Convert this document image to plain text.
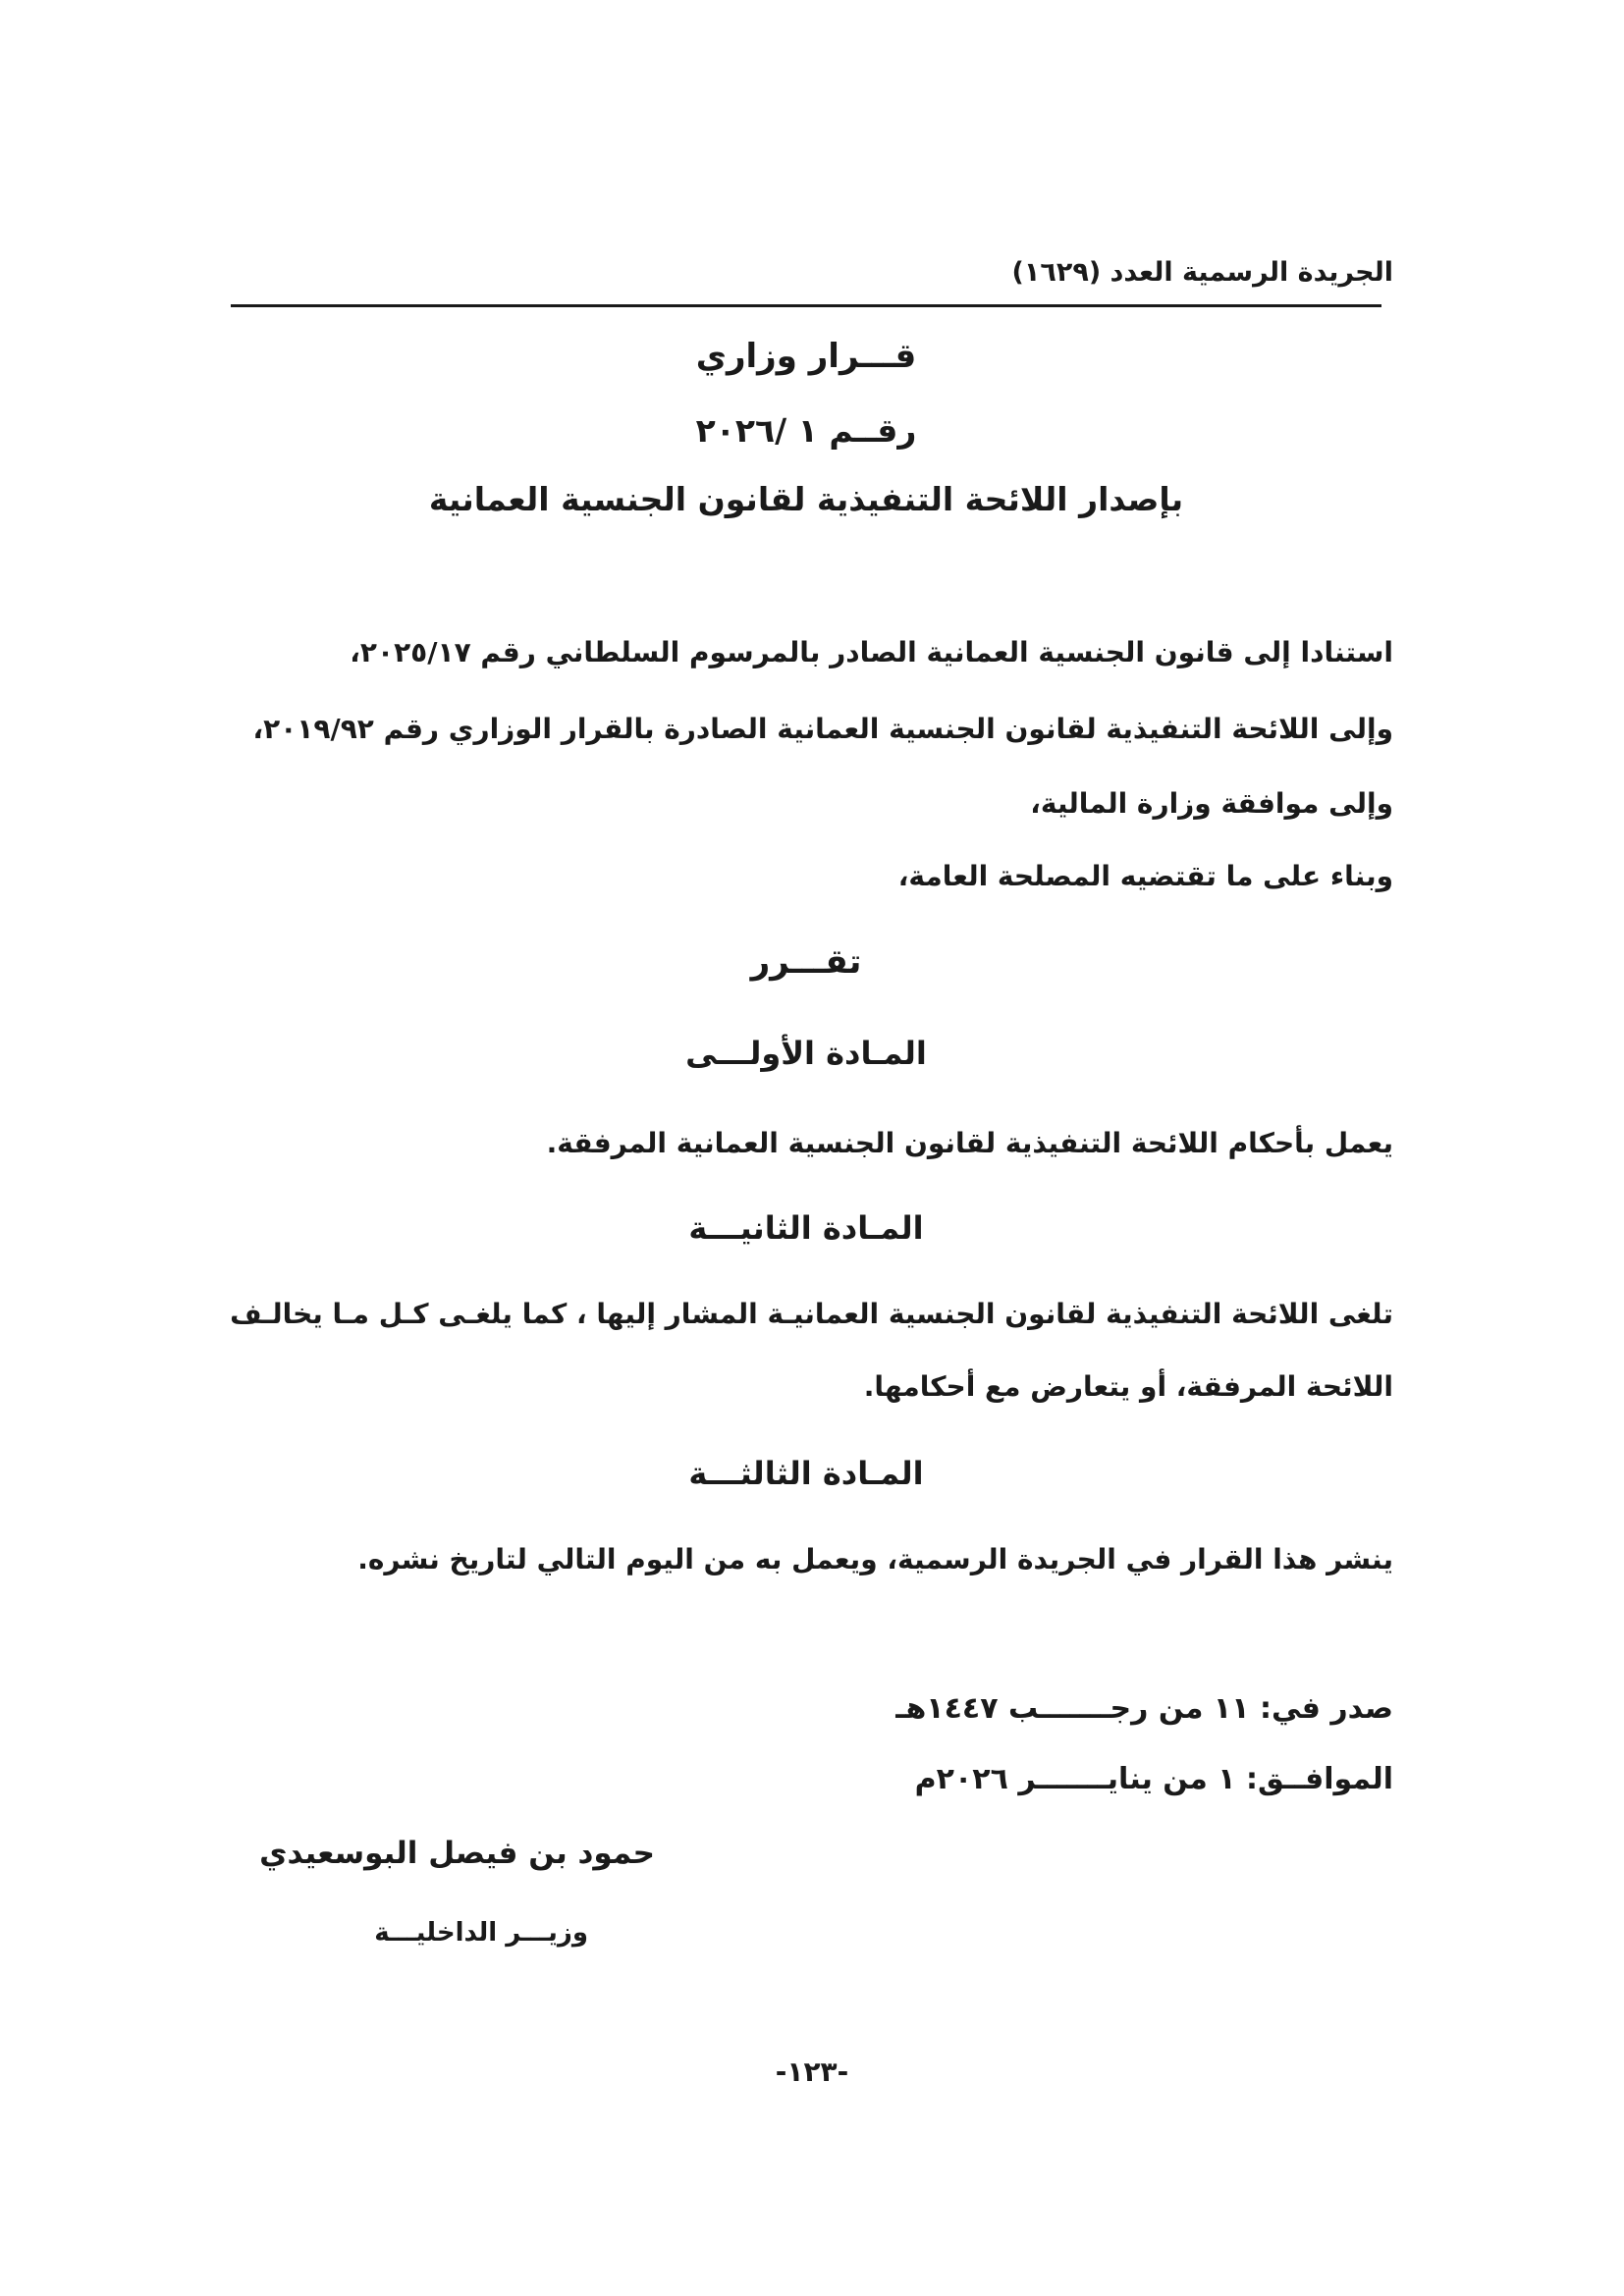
الجريدة الرسمية العدد (١٦٢٩)
قـــرار وزاري
رقــم ١ /٢٠٢٦
بإصدار اللائحة التنفيذية لقانون الجنسية العمانية
استنادا إلى قانون الجنسية العمانية الصادر بالمرسوم السلطاني رقم ٢٠٢٥/١٧،
وإلى اللائحة التنفيذية لقانون الجنسية العمانية الصادرة بالقرار الوزاري رقم ٢٠١٩/٩٢،
وإلى موافقة وزارة المالية،
وبناء على ما تقتضيه المصلحة العامة،
تقـــرر
المـادة الأولـــى
يعمل بأحكام اللائحة التنفيذية لقانون الجنسية العمانية المرفقة.
المـادة الثانيـــة
تلغى اللائحة التنفيذية لقانون الجنسية العمانيـة المشار إليها ، كما يلغـى كـل مـا يخالـف
اللائحة المرفقة، أو يتعارض مع أحكامها.
المـادة الثالثـــة
ينشر هذا القرار في الجريدة الرسمية، ويعمل به من اليوم التالي لتاريخ نشره.
صدر في: ١١ من رجـــــــب ١٤٤٧هـ
الموافــق: ١ من ينايـــــــر ٢٠٢٦م
حمود بن فيصل البوسعيدي
وزيـــر الداخليـــة
-١٢٣-
